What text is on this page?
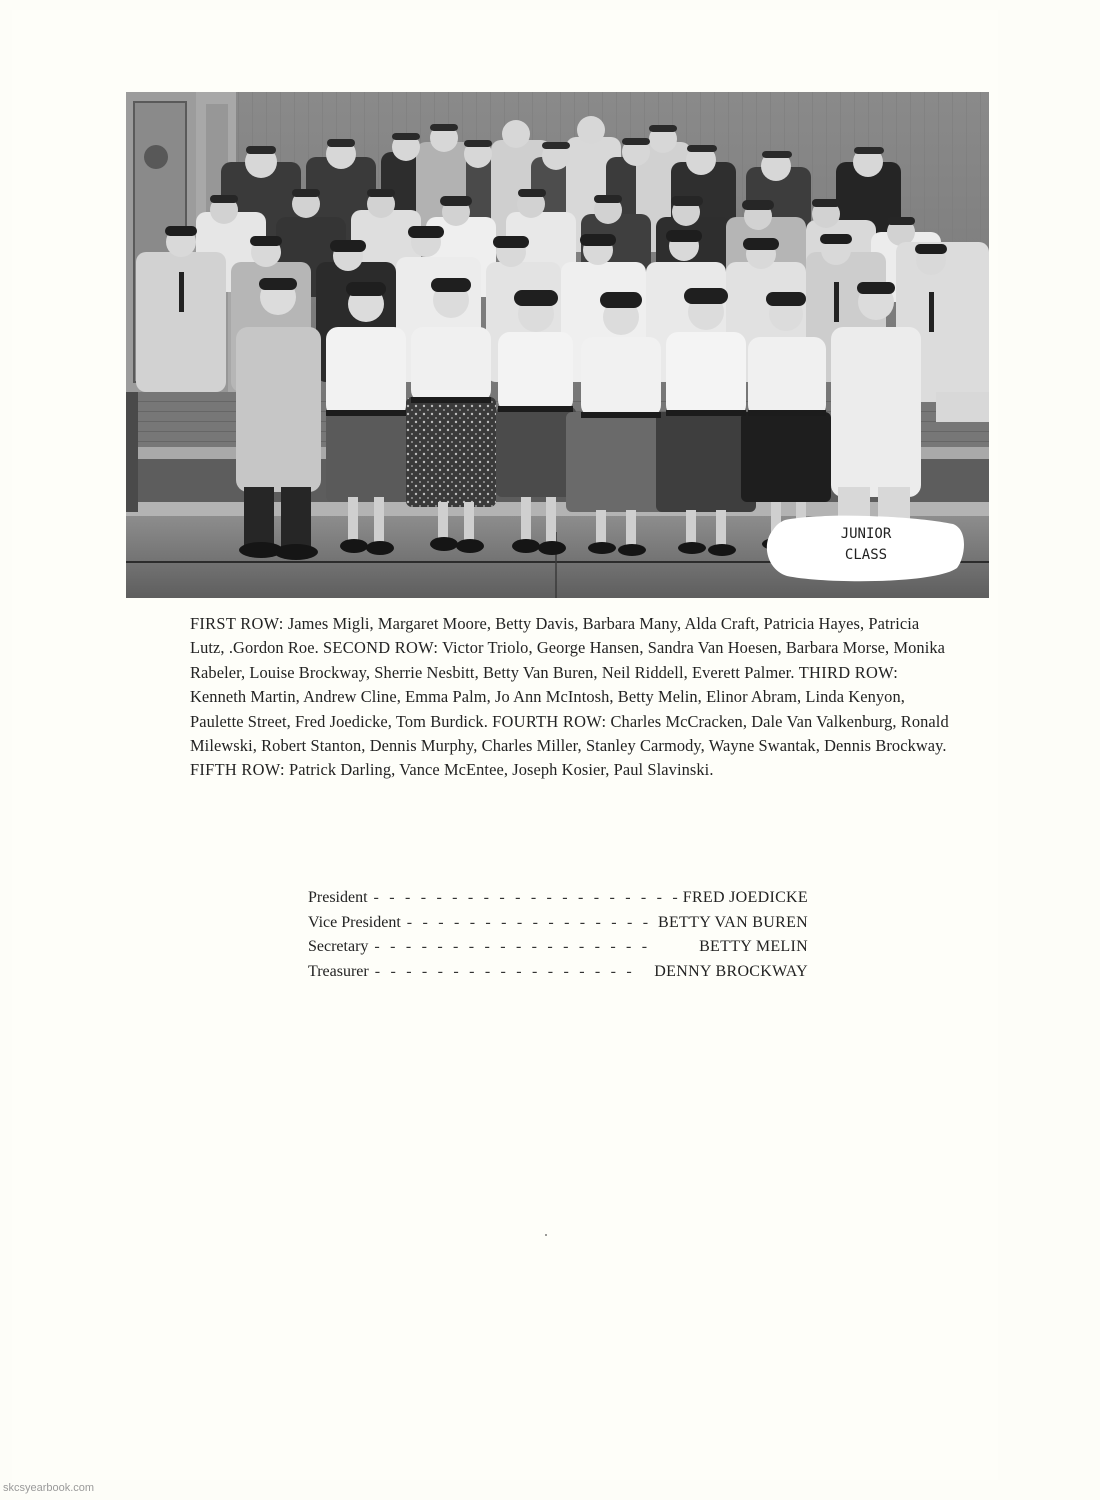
JUNIOR
CLASS
FIRST ROW: James Migli, Margaret Moore, Betty Davis, Barbara Many, Alda Craft, Patricia Hayes, Patricia Lutz, .Gordon Roe. SECOND ROW: Victor Triolo, George Hansen, Sandra Van Hoesen, Barbara Morse, Monika Rabeler, Louise Brockway, Sherrie Nesbitt, Betty Van Buren, Neil Riddell, Everett Palmer. THIRD ROW: Kenneth Martin, Andrew Cline, Emma Palm, Jo Ann McIntosh, Betty Melin, Elinor Abram, Linda Kenyon, Paulette Street, Fred Joedicke, Tom Burdick. FOURTH ROW: Charles McCracken, Dale Van Valkenburg, Ronald Milewski, Robert Stanton, Dennis Murphy, Charles Miller, Stanley Carmody, Wayne Swantak, Dennis Brockway. FIFTH ROW: Patrick Darling, Vance McEntee, Joseph Kosier, Paul Slavinski.
President - - - - - - - - - - - - - - - - - - - - FRED JOEDICKE
Vice President - - - - - - - - - - - - - - - - BETTY VAN BUREN
Secretary - - - - - - - - - - - - - - - - - -	BETTY MELIN
Treasurer - - - - - - - - - - - - - - - - -	DENNY BROCKWAY
skcsyearbook.com
